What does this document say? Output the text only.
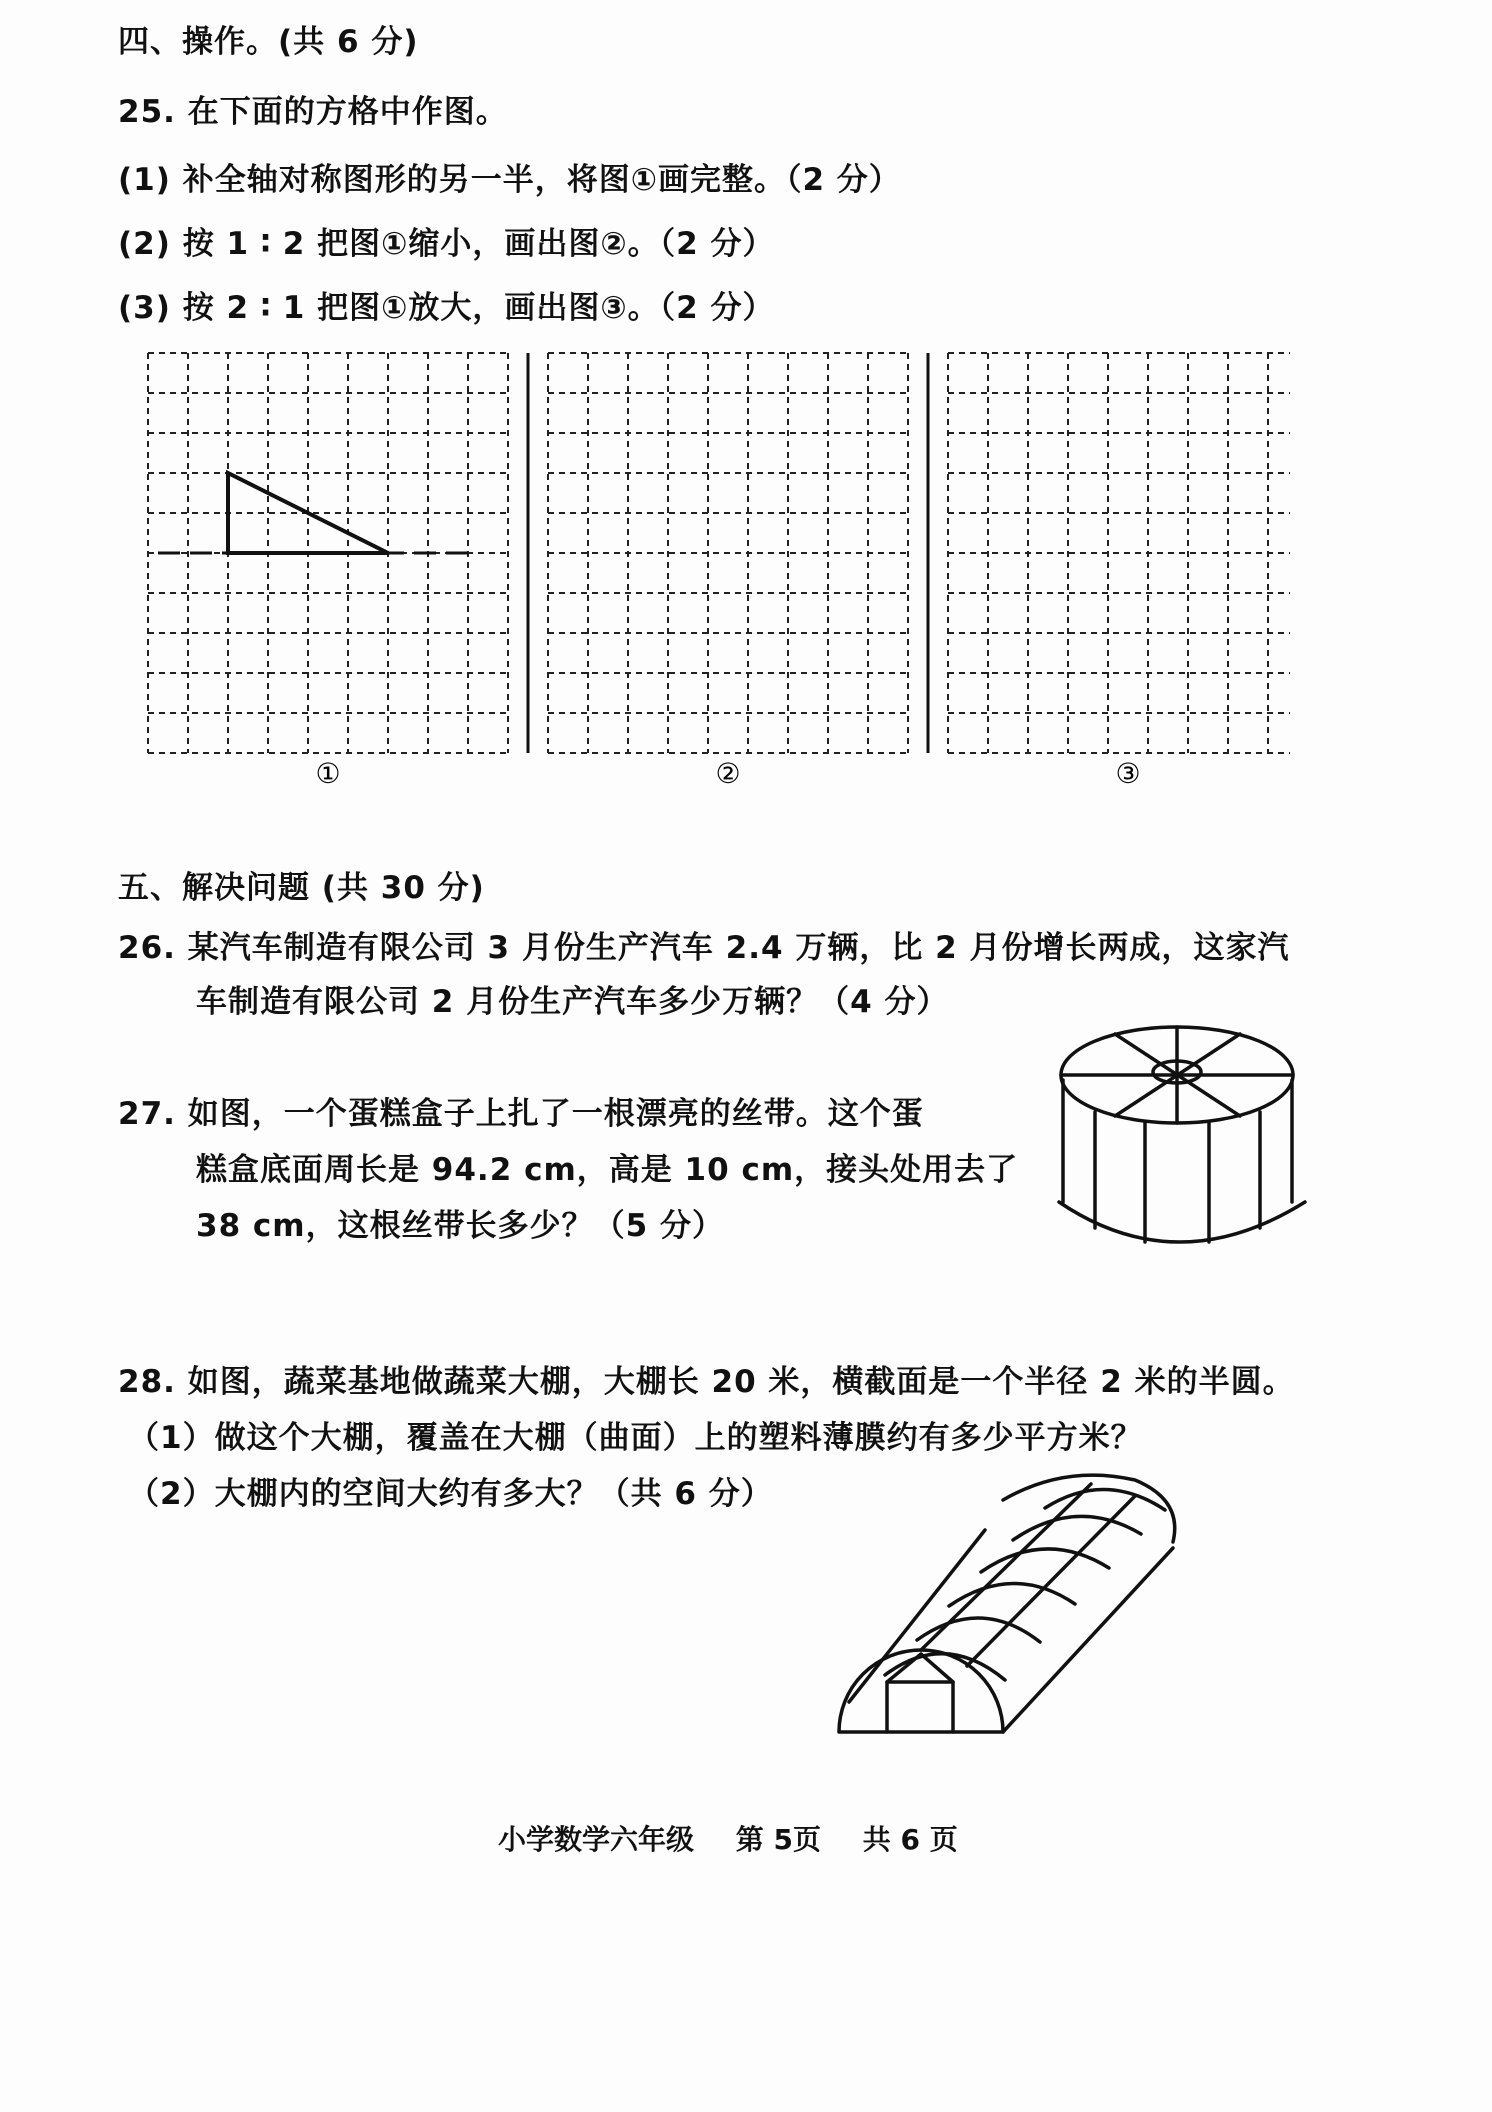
四、操作。(共 6 分)
25. 在下面的方格中作图。
(1) 补全轴对称图形的另一半，将图①画完整。（2 分）
(2) 按 1 ∶ 2 把图①缩小，画出图②。（2 分）
(3) 按 2 ∶ 1 把图①放大，画出图③。（2 分）
①	②	③
五、解决问题 (共 30 分)
26. 某汽车制造有限公司 3 月份生产汽车 2.4 万辆，比 2 月份增长两成，这家汽
车制造有限公司 2 月份生产汽车多少万辆？（4 分）
27. 如图，一个蛋糕盒子上扎了一根漂亮的丝带。这个蛋
糕盒底面周长是 94.2 cm，高是 10 cm，接头处用去了
38 cm，这根丝带长多少？（5 分）
28. 如图，蔬菜基地做蔬菜大棚，大棚长 20 米，横截面是一个半径 2 米的半圆。
（1）做这个大棚，覆盖在大棚（曲面）上的塑料薄膜约有多少平方米？
（2）大棚内的空间大约有多大？（共 6 分）
小学数学六年级 第 5页 共 6 页
